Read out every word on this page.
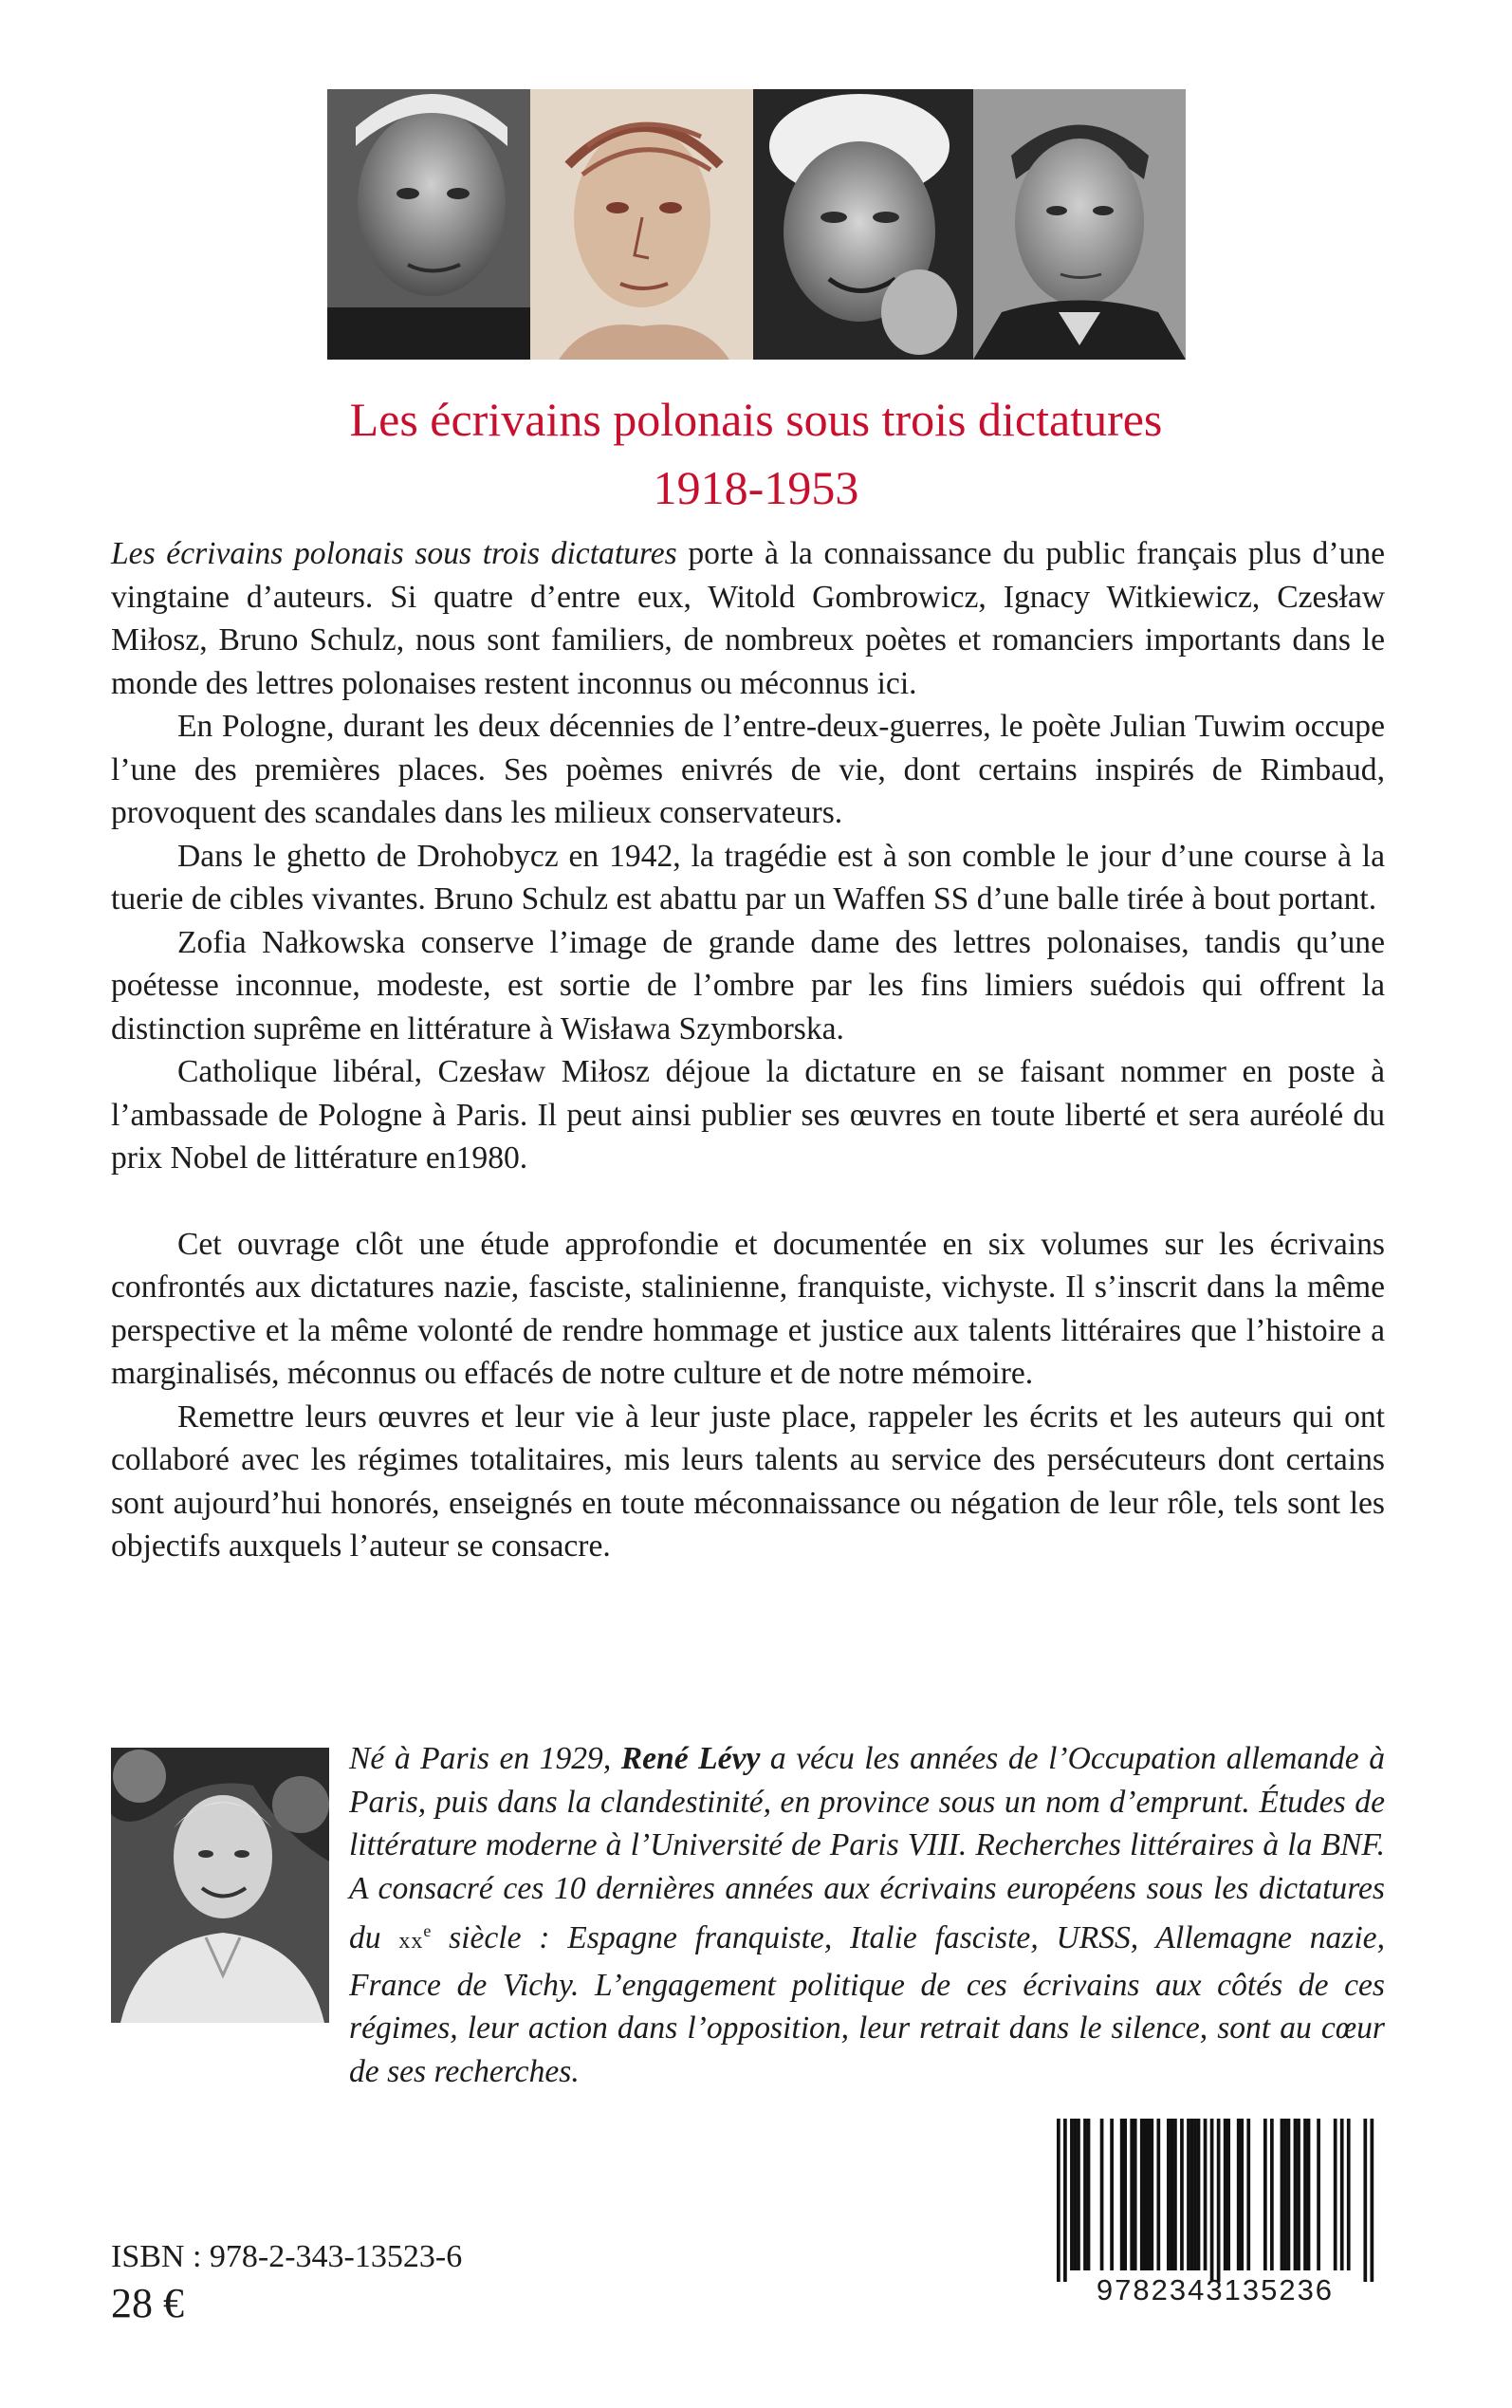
Les écrivains polonais sous trois dictatures
1918-1953

Les écrivains polonais sous trois dictatures porte à la connaissance du public français plus d’une vingtaine d’auteurs. Si quatre d’entre eux, Witold Gombrowicz, Ignacy Witkiewicz, Czesław Miłosz, Bruno Schulz, nous sont familiers, de nombreux poètes et romanciers importants dans le monde des lettres polonaises restent inconnus ou méconnus ici.

En Pologne, durant les deux décennies de l’entre-deux-guerres, le poète Julian Tuwim occupe l’une des premières places. Ses poèmes enivrés de vie, dont certains inspirés de Rimbaud, provoquent des scandales dans les milieux conservateurs.

Dans le ghetto de Drohobycz en 1942, la tragédie est à son comble le jour d’une course à la tuerie de cibles vivantes. Bruno Schulz est abattu par un Waffen SS d’une balle tirée à bout portant.

Zofia Nałkowska conserve l’image de grande dame des lettres polonaises, tandis qu’une poétesse inconnue, modeste, est sortie de l’ombre par les fins limiers suédois qui offrent la distinction suprême en littérature à Wisława Szymborska.

Catholique libéral, Czesław Miłosz déjoue la dictature en se faisant nommer en poste à l’ambassade de Pologne à Paris. Il peut ainsi publier ses œuvres en toute liberté et sera auréolé du prix Nobel de littérature en1980.

Cet ouvrage clôt une étude approfondie et documentée en six volumes sur les écrivains confrontés aux dictatures nazie, fasciste, stalinienne, franquiste, vichyste. Il s’inscrit dans la même perspective et la même volonté de rendre hommage et justice aux talents littéraires que l’histoire a marginalisés, méconnus ou effacés de notre culture et de notre mémoire.

Remettre leurs œuvres et leur vie à leur juste place, rappeler les écrits et les auteurs qui ont collaboré avec les régimes totalitaires, mis leurs talents au service des persécuteurs dont certains sont aujourd’hui honorés, enseignés en toute méconnaissance ou négation de leur rôle, tels sont les objectifs auxquels l’auteur se consacre.

Né à Paris en 1929, René Lévy a vécu les années de l’Occupation allemande à Paris, puis dans la clandestinité, en province sous un nom d’emprunt. Études de littérature moderne à l’Université de Paris VIII. Recherches littéraires à la BNF. A consacré ces 10 dernières années aux écrivains européens sous les dictatures du $xx^e$ siècle : Espagne franquiste, Italie fasciste, URSS, Allemagne nazie, France de Vichy. L’engagement politique de ces écrivains aux côtés de ces régimes, leur action dans l’opposition, leur retrait dans le silence, sont au cœur de ses recherches.

ISBN : 978-2-343-13523-6
28 €	9782343135236
